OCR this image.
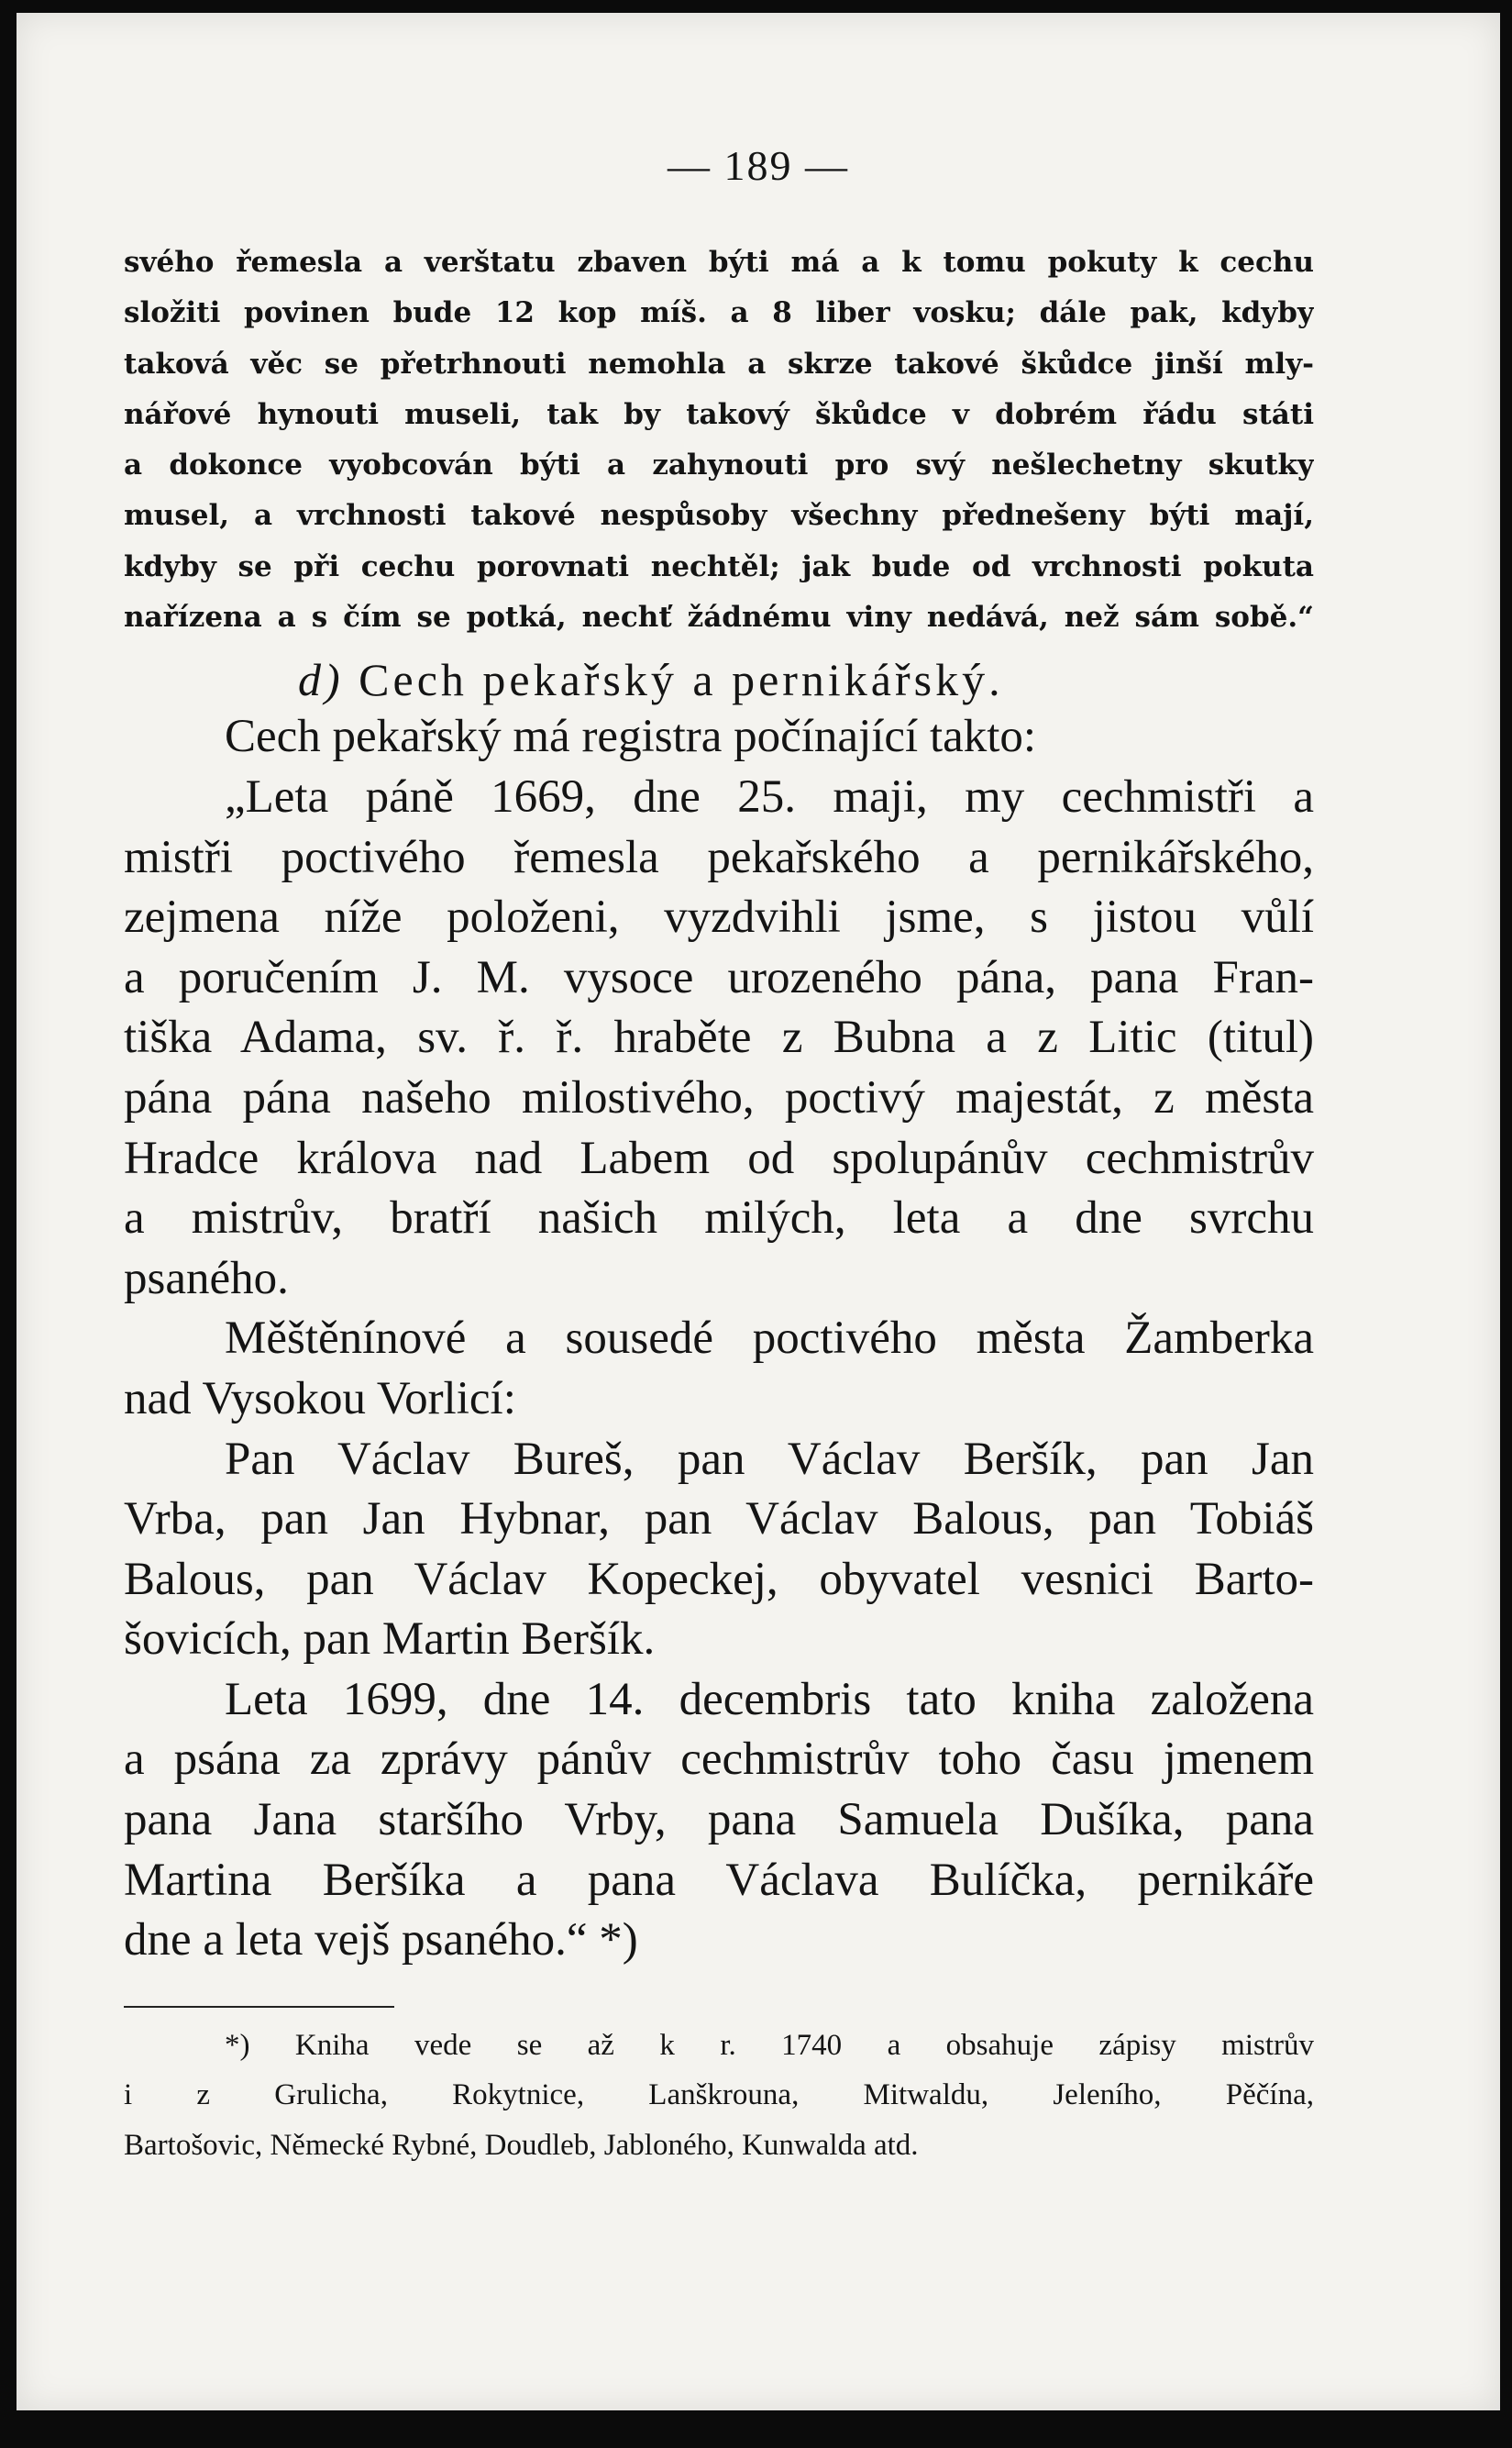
— 189 —
svého řemesla a verštatu zbaven býti má a k tomu pokuty k cechu
složiti povinen bude 12 kop míš. a 8 liber vosku; dále pak, kdyby
taková věc se přetrhnouti nemohla a skrze takové škůdce jinší mly-
nářové hynouti museli, tak by takový škůdce v dobrém řádu státi
a dokonce vyobcován býti a zahynouti pro svý nešlechetny skutky
musel, a vrchnosti takové nespůsoby všechny přednešeny býti mají,
kdyby se při cechu porovnati nechtěl; jak bude od vrchnosti pokuta
nařízena a s čím se potká, nechť žádnému viny nedává, než sám sobě.“
d) Cech pekařský a pernikářský.
Cech pekařský má registra počínající takto:
„Leta páně 1669, dne 25. maji, my cechmistři a
mistři poctivého řemesla pekařského a pernikářského,
zejmena níže položeni, vyzdvihli jsme, s jistou vůlí
a poručením J. M. vysoce urozeného pána, pana Fran-
tiška Adama, sv. ř. ř. hraběte z Bubna a z Litic (titul)
pána pána našeho milostivého, poctivý majestát, z města
Hradce králova nad Labem od spolupánův cechmistrův
a mistrův, bratří našich milých, leta a dne svrchu
psaného.
Měštěnínové a sousedé poctivého města Žamberka
nad Vysokou Vorlicí:
Pan Václav Bureš, pan Václav Beršík, pan Jan
Vrba, pan Jan Hybnar, pan Václav Balous, pan Tobiáš
Balous, pan Václav Kopeckej, obyvatel vesnici Barto-
šovicích, pan Martin Beršík.
Leta 1699, dne 14. decembris tato kniha založena
a psána za zprávy pánův cechmistrův toho času jmenem
pana Jana staršího Vrby, pana Samuela Dušíka, pana
Martina Beršíka a pana Václava Bulíčka, pernikáře
dne a leta vejš psaného.“ *)
*) Kniha vede se až k r. 1740 a obsahuje zápisy mistrův
i z Grulicha, Rokytnice, Lanškrouna, Mitwaldu, Jeleního, Pěčína,
Bartošovic, Německé Rybné, Doudleb, Jabloného, Kunwalda atd.
